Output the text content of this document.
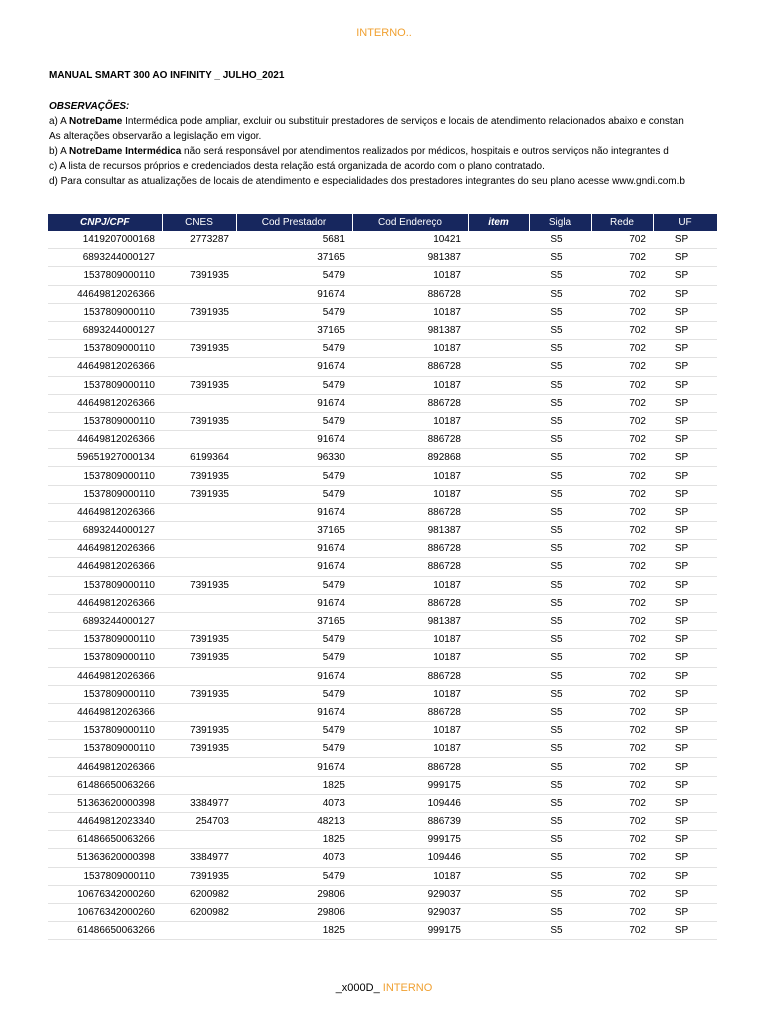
INTERNO..
MANUAL SMART 300 AO INFINITY _ JULHO_2021
OBSERVAÇÕES:
a) A NotreDame Intermédica pode ampliar, excluir ou substituir prestadores de serviços e locais de atendimento relacionados abaixo e constan
As alterações observarão a legislação em vigor.
b) A NotreDame Intermédica não será responsável por atendimentos realizados por médicos, hospitais e outros serviços não integrantes d
c) A lista de recursos próprios e credenciados desta relação está organizada de acordo com o plano contratado.
d) Para consultar as atualizações de locais de atendimento e especialidades dos prestadores integrantes do seu plano acesse www.gndi.com.b
CNPJ/CPF	CNES	Cod Prestador	Cod Endereço	item	Sigla	Rede	UF
1419207000168	2773287	5681	10421		S5	702	SP
6893244000127		37165	981387		S5	702	SP
1537809000110	7391935	5479	10187		S5	702	SP
44649812026366		91674	886728		S5	702	SP
1537809000110	7391935	5479	10187		S5	702	SP
6893244000127		37165	981387		S5	702	SP
1537809000110	7391935	5479	10187		S5	702	SP
44649812026366		91674	886728		S5	702	SP
1537809000110	7391935	5479	10187		S5	702	SP
44649812026366		91674	886728		S5	702	SP
1537809000110	7391935	5479	10187		S5	702	SP
44649812026366		91674	886728		S5	702	SP
59651927000134	6199364	96330	892868		S5	702	SP
1537809000110	7391935	5479	10187		S5	702	SP
1537809000110	7391935	5479	10187		S5	702	SP
44649812026366		91674	886728		S5	702	SP
6893244000127		37165	981387		S5	702	SP
44649812026366		91674	886728		S5	702	SP
44649812026366		91674	886728		S5	702	SP
1537809000110	7391935	5479	10187		S5	702	SP
44649812026366		91674	886728		S5	702	SP
6893244000127		37165	981387		S5	702	SP
1537809000110	7391935	5479	10187		S5	702	SP
1537809000110	7391935	5479	10187		S5	702	SP
44649812026366		91674	886728		S5	702	SP
1537809000110	7391935	5479	10187		S5	702	SP
44649812026366		91674	886728		S5	702	SP
1537809000110	7391935	5479	10187		S5	702	SP
1537809000110	7391935	5479	10187		S5	702	SP
44649812026366		91674	886728		S5	702	SP
61486650063266		1825	999175		S5	702	SP
51363620000398	3384977	4073	109446		S5	702	SP
44649812023340	254703	48213	886739		S5	702	SP
61486650063266		1825	999175		S5	702	SP
51363620000398	3384977	4073	109446		S5	702	SP
1537809000110	7391935	5479	10187		S5	702	SP
10676342000260	6200982	29806	929037		S5	702	SP
10676342000260	6200982	29806	929037		S5	702	SP
61486650063266		1825	999175		S5	702	SP
_x000D_ INTERNO
